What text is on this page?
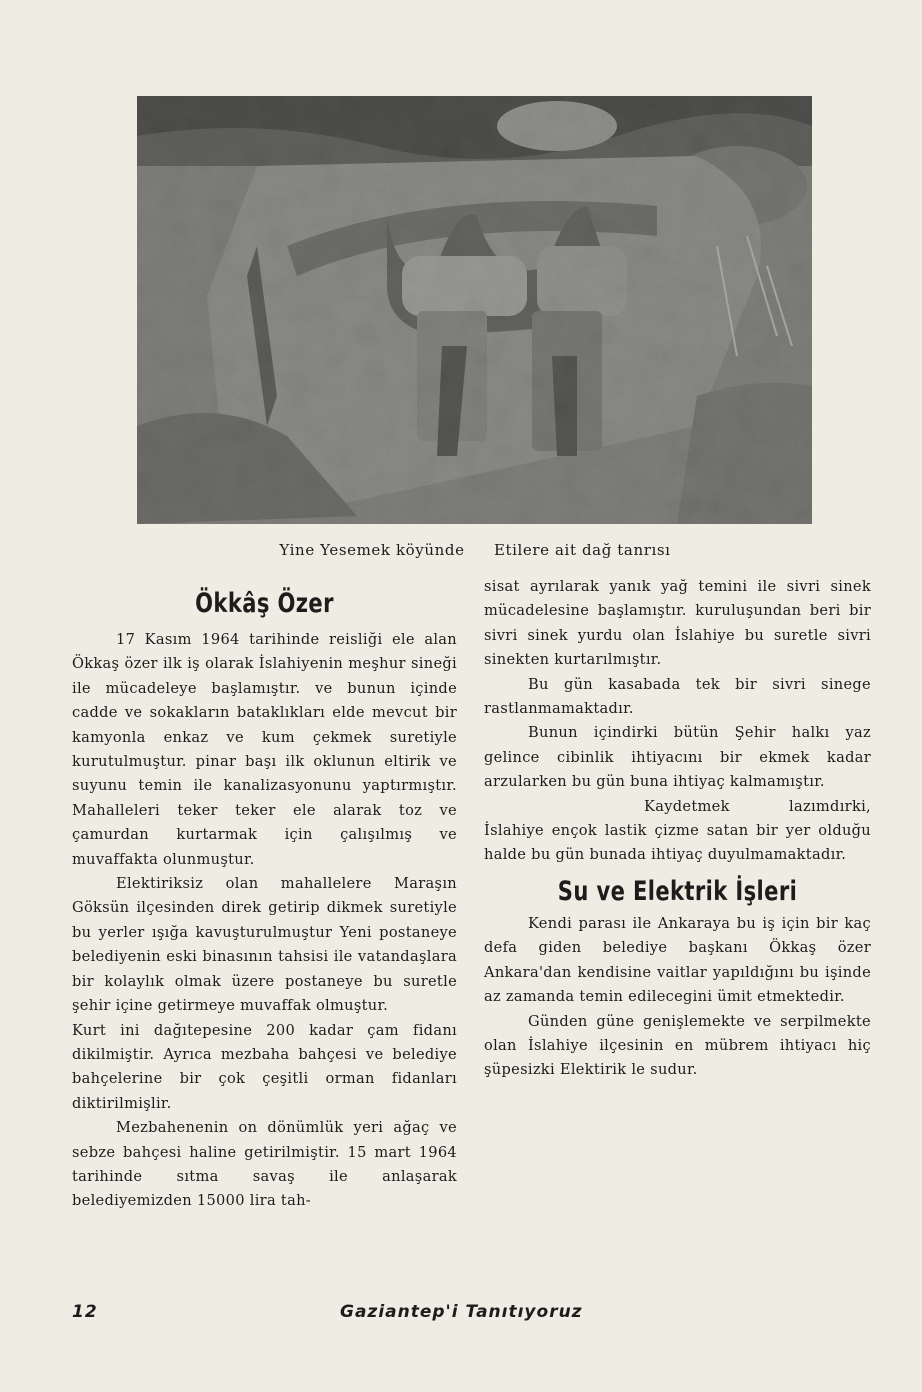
Yine Yesemek köyünde Etilere ait dağ tanrısı
Ökkâş Özer

17 Kasım 1964 tarihinde reisliği ele alan Ökkaş özer ilk iş olarak İslahiyenin meşhur sineği ile mücadeleye başlamıştır. ve bunun içinde cadde ve sokakların bataklıkları elde mevcut bir kamyonla enkaz ve kum çekmek suretiyle kurutulmuştur. pinar başı ilk oklunun eltirik ve suyunu temin ile kanalizasyonunu yaptırmıştır. Mahalleleri teker teker ele alarak toz ve çamurdan kurtarmak için çalışılmış ve muvaffakta olunmuştur.

Elektiriksiz olan mahallelere Maraşın Göksün ilçesinden direk getirip dikmek suretiyle bu yerler ışığa kavuşturulmuştur Yeni postaneye belediyenin eski binasının tahsisi ile vatandaşlara bir kolaylık olmak üzere postaneye bu suretle şehir içine getirmeye muvaffak olmuştur.

Kurt ini dağıtepesine 200 kadar çam fidanı dikilmiştir. Ayrıca mezbaha bahçesi ve belediye bahçelerine bir çok çeşitli orman fidanları diktirilmişlir.

Mezbahenenin on dönümlük yeri ağaç ve sebze bahçesi haline getirilmiştir. 15 mart 1964 tarihinde sıtma savaş ile anlaşarak belediyemizden 15000 lira tah-

sisat ayrılarak yanık yağ temini ile sivri sinek mücadelesine başlamıştır. kuruluşundan beri bir sivri sinek yurdu olan İslahiye bu suretle sivri sinekten kurtarılmıştır.

Bu gün kasabada tek bir sivri sinege rastlanmamaktadır.

Bunun içindirki bütün Şehir halkı yaz gelince cibinlik ihtiyacını bir ekmek kadar arzularken bu gün buna ihtiyaç kalmamıştır.

Kaydetmek lazımdırki, İslahiye ençok lastik çizme satan bir yer olduğu halde bu gün bunada ihtiyaç duyulmamaktadır.

Su ve Elektrik İşleri

Kendi parası ile Ankaraya bu iş için bir kaç defa giden belediye başkanı Ökkaş özer Ankara'dan kendisine vaitlar yapıldığını bu işinde az zamanda temin edilecegini ümit etmektedir.

Günden güne genişlemekte ve serpilmekte olan İslahiye ilçesinin en mübrem ihtiyacı hiç şüpesizki Elektirik le sudur.

12	Gaziantep'i Tanıtıyoruz
